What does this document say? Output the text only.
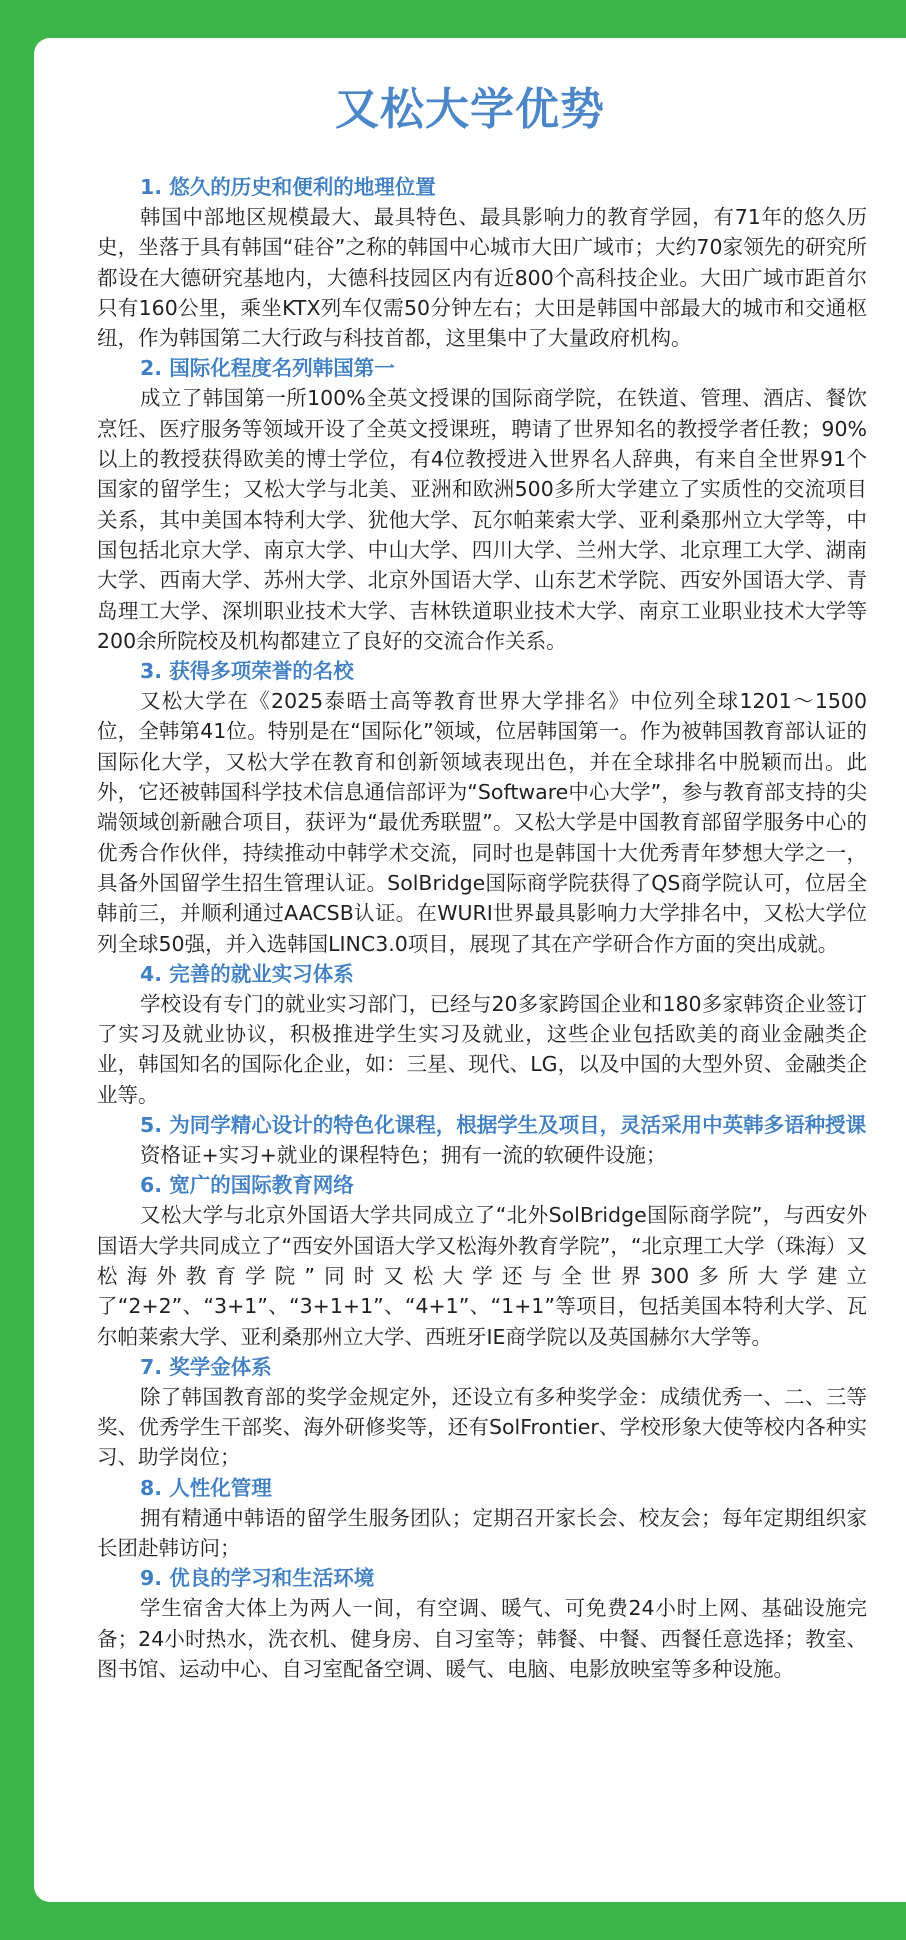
又松大学优势

1. 悠久的历史和便利的地理位置

韩国中部地区规模最大、最具特色、最具影响力的教育学园，有71年的悠久历史，坐落于具有韩国“硅谷”之称的韩国中心城市大田广域市；大约70家领先的研究所都设在大德研究基地内，大德科技园区内有近800个高科技企业。大田广域市距首尔只有160公里，乘坐KTX列车仅需50分钟左右；大田是韩国中部最大的城市和交通枢纽，作为韩国第二大行政与科技首都，这里集中了大量政府机构。

2. 国际化程度名列韩国第一

成立了韩国第一所100%全英文授课的国际商学院，在铁道、管理、酒店、餐饮烹饪、医疗服务等领域开设了全英文授课班，聘请了世界知名的教授学者任教；90%以上的教授获得欧美的博士学位，有4位教授进入世界名人辞典，有来自全世界91个国家的留学生；又松大学与北美、亚洲和欧洲500多所大学建立了实质性的交流项目关系，其中美国本特利大学、犹他大学、瓦尔帕莱索大学、亚利桑那州立大学等，中国包括北京大学、南京大学、中山大学、四川大学、兰州大学、北京理工大学、湖南大学、西南大学、苏州大学、北京外国语大学、山东艺术学院、西安外国语大学、青岛理工大学、深圳职业技术大学、吉林铁道职业技术大学、南京工业职业技术大学等200余所院校及机构都建立了良好的交流合作关系。

3. 获得多项荣誉的名校

又松大学在《2025泰晤士高等教育世界大学排名》中位列全球1201～1500位，全韩第41位。特别是在“国际化”领域，位居韩国第一。作为被韩国教育部认证的国际化大学，又松大学在教育和创新领域表现出色，并在全球排名中脱颖而出。此外，它还被韩国科学技术信息通信部评为“Software中心大学”，参与教育部支持的尖端领域创新融合项目，获评为“最优秀联盟”。又松大学是中国教育部留学服务中心的优秀合作伙伴，持续推动中韩学术交流，同时也是韩国十大优秀青年梦想大学之一，具备外国留学生招生管理认证。SolBridge国际商学院获得了QS商学院认可，位居全韩前三，并顺利通过AACSB认证。在WURI世界最具影响力大学排名中，又松大学位列全球50强，并入选韩国LINC3.0项目，展现了其在产学研合作方面的突出成就。

4. 完善的就业实习体系

学校设有专门的就业实习部门，已经与20多家跨国企业和180多家韩资企业签订了实习及就业协议，积极推进学生实习及就业，这些企业包括欧美的商业金融类企业，韩国知名的国际化企业，如：三星、现代、LG，以及中国的大型外贸、金融类企业等。

5. 为同学精心设计的特色化课程，根据学生及项目，灵活采用中英韩多语种授课

资格证+实习+就业的课程特色；拥有一流的软硬件设施；

6. 宽广的国际教育网络

又松大学与北京外国语大学共同成立了“北外SolBridge国际商学院”，与西安外国语大学共同成立了“西安外国语大学又松海外教育学院”，“北京理工大学（珠海）又松海外教育学院”同时又松大学还与全世界300多所大学建立了“2+2”、“3+1”、“3+1+1”、“4+1”、“1+1”等项目，包括美国本特利大学、瓦尔帕莱索大学、亚利桑那州立大学、西班牙IE商学院以及英国赫尔大学等。

7. 奖学金体系

除了韩国教育部的奖学金规定外，还设立有多种奖学金：成绩优秀一、二、三等奖、优秀学生干部奖、海外研修奖等，还有SolFrontier、学校形象大使等校内各种实习、助学岗位；

8. 人性化管理

拥有精通中韩语的留学生服务团队；定期召开家长会、校友会；每年定期组织家长团赴韩访问；

9. 优良的学习和生活环境

学生宿舍大体上为两人一间，有空调、暖气、可免费24小时上网、基础设施完备；24小时热水，洗衣机、健身房、自习室等；韩餐、中餐、西餐任意选择；教室、图书馆、运动中心、自习室配备空调、暖气、电脑、电影放映室等多种设施。
